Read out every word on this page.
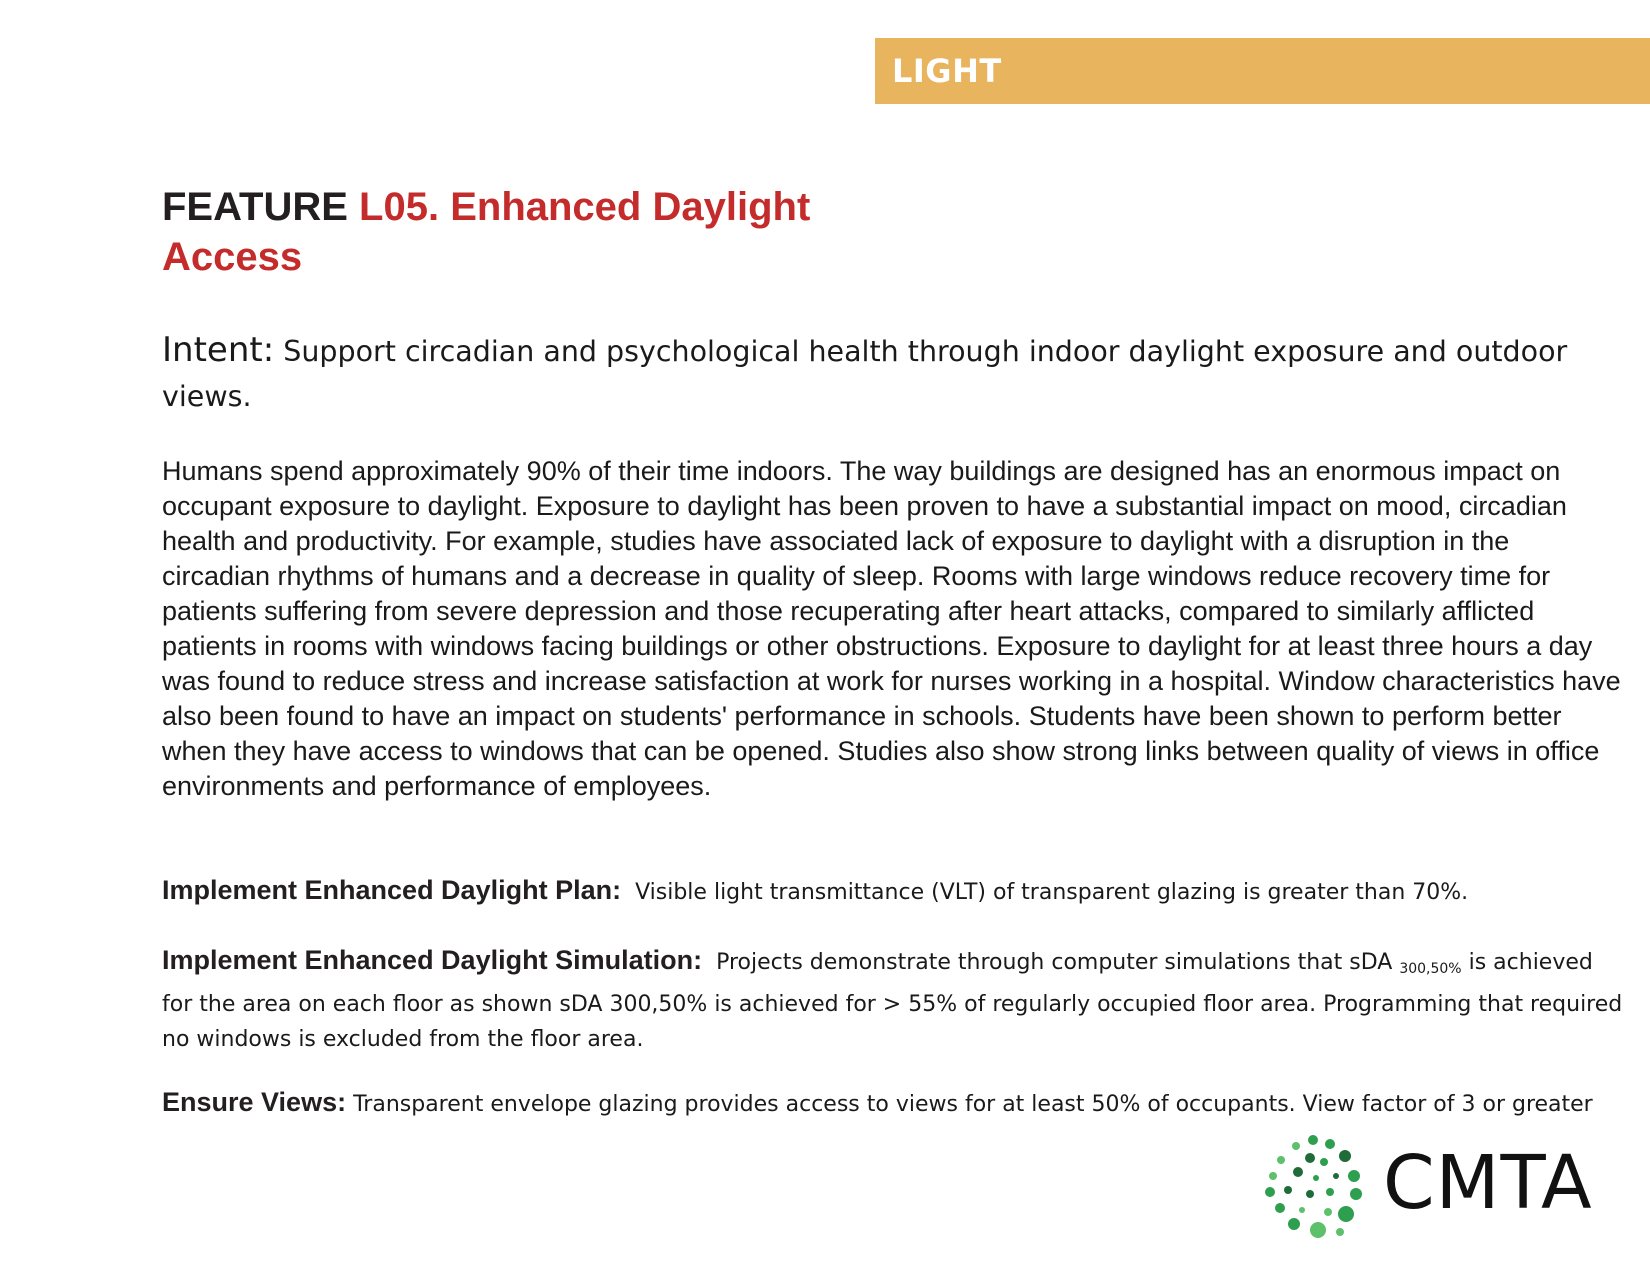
LIGHT
FEATURE L05. Enhanced Daylight Access

Intent: Support circadian and psychological health through indoor daylight exposure and outdoor views.

Humans spend approximately 90% of their time indoors. The way buildings are designed has an enormous impact on occupant exposure to daylight. Exposure to daylight has been proven to have a substantial impact on mood, circadian health and productivity. For example, studies have associated lack of exposure to daylight with a disruption in the circadian rhythms of humans and a decrease in quality of sleep. Rooms with large windows reduce recovery time for patients suffering from severe depression and those recuperating after heart attacks, compared to similarly afflicted patients in rooms with windows facing buildings or other obstructions. Exposure to daylight for at least three hours a day was found to reduce stress and increase satisfaction at work for nurses working in a hospital. Window characteristics have also been found to have an impact on students' performance in schools. Students have been shown to perform better when they have access to windows that can be opened. Studies also show strong links between quality of views in office environments and performance of employees.

Implement Enhanced Daylight Plan: Visible light transmittance (VLT) of transparent glazing is greater than 70%.

Implement Enhanced Daylight Simulation: Projects demonstrate through computer simulations that sDA 300,50% is achieved for the area on each floor as shown sDA 300,50% is achieved for > 55% of regularly occupied floor area. Programming that required no windows is excluded from the floor area.

Ensure Views: Transparent envelope glazing provides access to views for at least 50% of occupants. View factor of 3 or greater

CMTA
